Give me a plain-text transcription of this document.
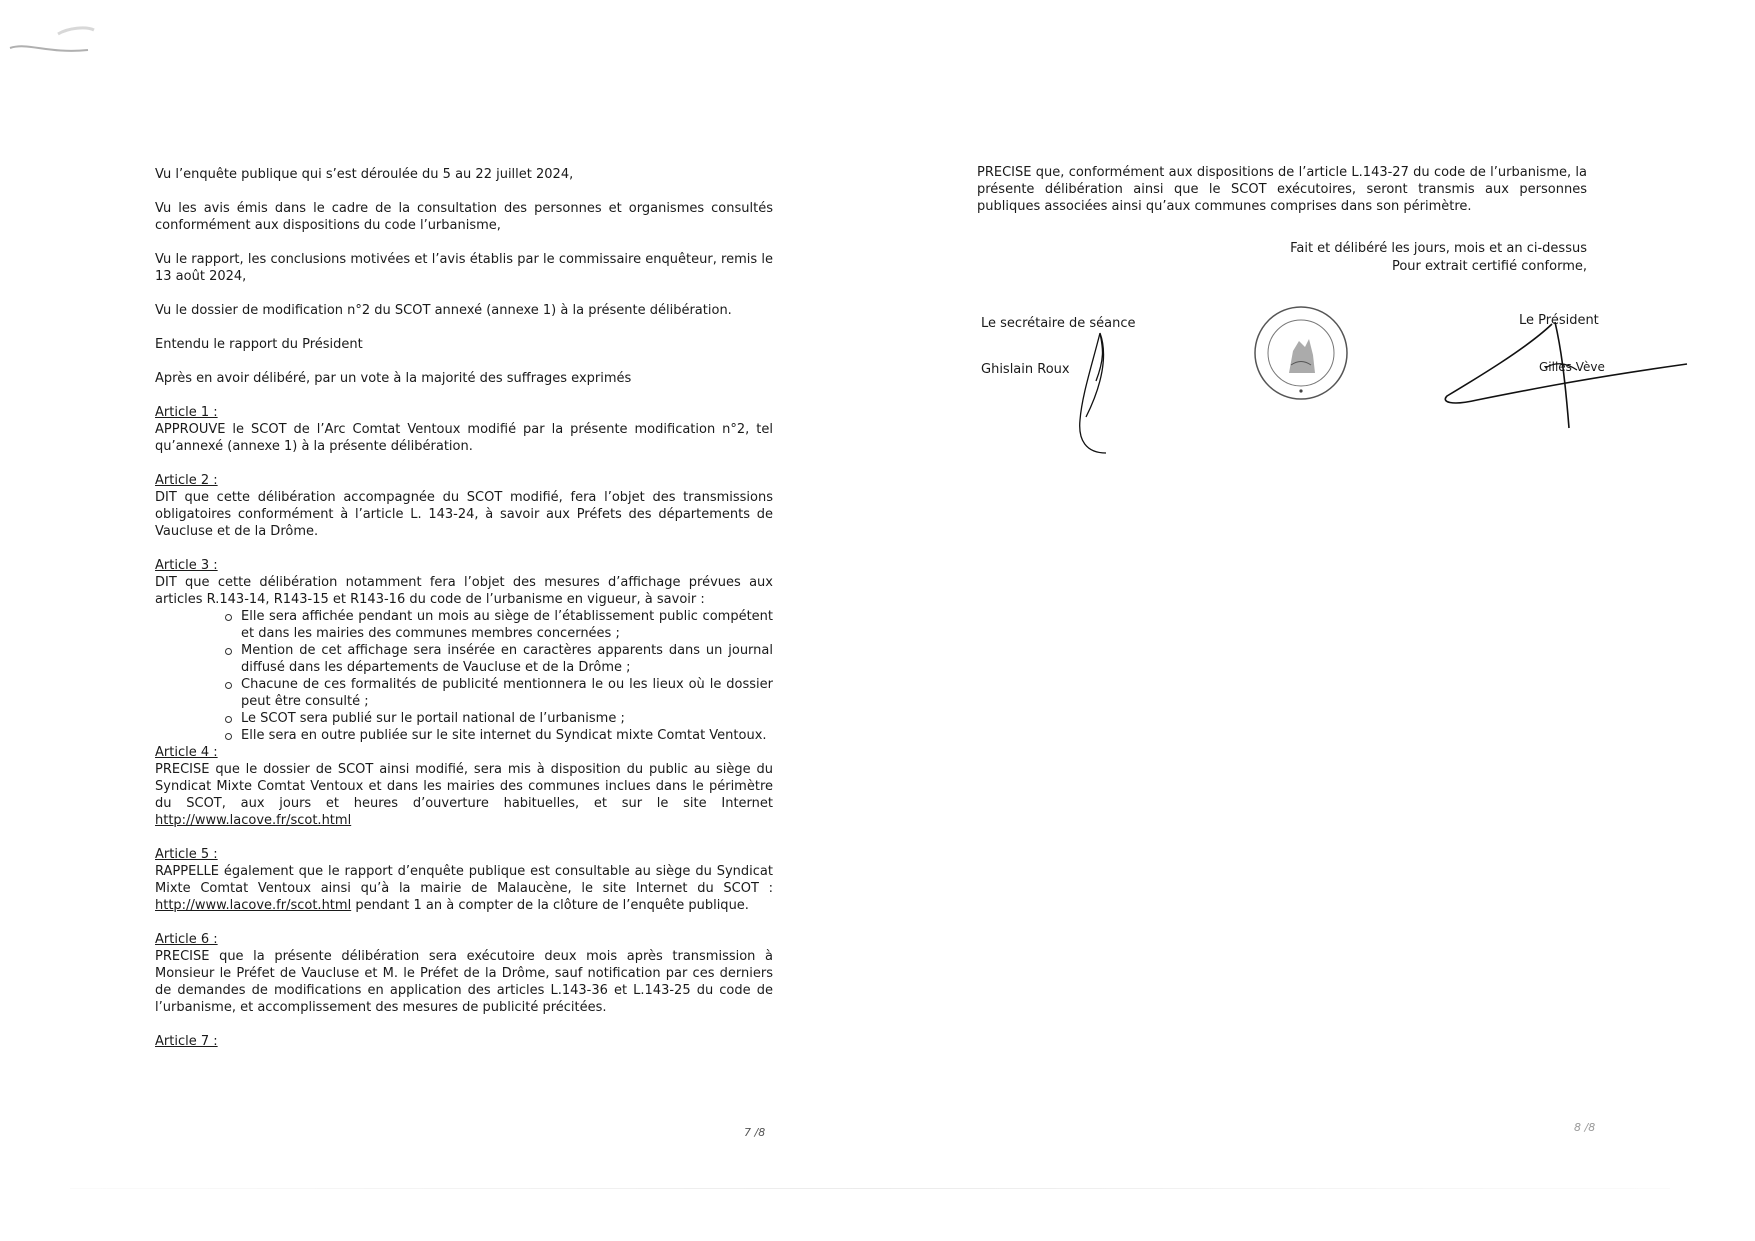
Vu l’enquête publique qui s’est déroulée du 5 au 22 juillet 2024,

Vu les avis émis dans le cadre de la consultation des personnes et organismes consultés conformément aux dispositions du code l’urbanisme,

Vu le rapport, les conclusions motivées et l’avis établis par le commissaire enquêteur, remis le 13 août 2024,

Vu le dossier de modification n°2 du SCOT annexé (annexe 1) à la présente délibération.

Entendu le rapport du Président

Après en avoir délibéré, par un vote à la majorité des suffrages exprimés

Article 1 :

APPROUVE le SCOT de l’Arc Comtat Ventoux modifié par la présente modification n°2, tel qu’annexé (annexe 1) à la présente délibération.

Article 2 :

DIT que cette délibération accompagnée du SCOT modifié, fera l’objet des transmissions obligatoires conformément à l’article L. 143-24, à savoir aux Préfets des départements de Vaucluse et de la Drôme.

Article 3 :

DIT que cette délibération notamment fera l’objet des mesures d’affichage prévues aux articles R.143-14, R143-15 et R143-16 du code de l’urbanisme en vigueur, à savoir :

Elle sera affichée pendant un mois au siège de l’établissement public compétent et dans les mairies des communes membres concernées ;
Mention de cet affichage sera insérée en caractères apparents dans un journal diffusé dans les départements de Vaucluse et de la Drôme ;
Chacune de ces formalités de publicité mentionnera le ou les lieux où le dossier peut être consulté ;
Le SCOT sera publié sur le portail national de l’urbanisme ;
Elle sera en outre publiée sur le site internet du Syndicat mixte Comtat Ventoux.

Article 4 :

PRECISE que le dossier de SCOT ainsi modifié, sera mis à disposition du public au siège du Syndicat Mixte Comtat Ventoux et dans les mairies des communes inclues dans le périmètre du SCOT, aux jours et heures d’ouverture habituelles, et sur le site Internet http://www.lacove.fr/scot.html

Article 5 :

RAPPELLE également que le rapport d’enquête publique est consultable au siège du Syndicat Mixte Comtat Ventoux ainsi qu’à la mairie de Malaucène, le site Internet du SCOT : http://www.lacove.fr/scot.html pendant 1 an à compter de la clôture de l’enquête publique.

Article 6 :

PRECISE que la présente délibération sera exécutoire deux mois après transmission à Monsieur le Préfet de Vaucluse et M. le Préfet de la Drôme, sauf notification par ces derniers de demandes de modifications en application des articles L.143-36 et L.143-25 du code de l’urbanisme, et accomplissement des mesures de publicité précitées.

Article 7 :

7 /8

PRECISE que, conformément aux dispositions de l’article L.143-27 du code de l’urbanisme, la présente délibération ainsi que le SCOT exécutoires, seront transmis aux personnes publiques associées ainsi qu’aux communes comprises dans son périmètre.

Fait et délibéré les jours, mois et an ci-dessus
Pour extrait certifié conforme,
Le secrétaire de séance
Ghislain Roux
Le Président
Gilles Vève
8 /8
